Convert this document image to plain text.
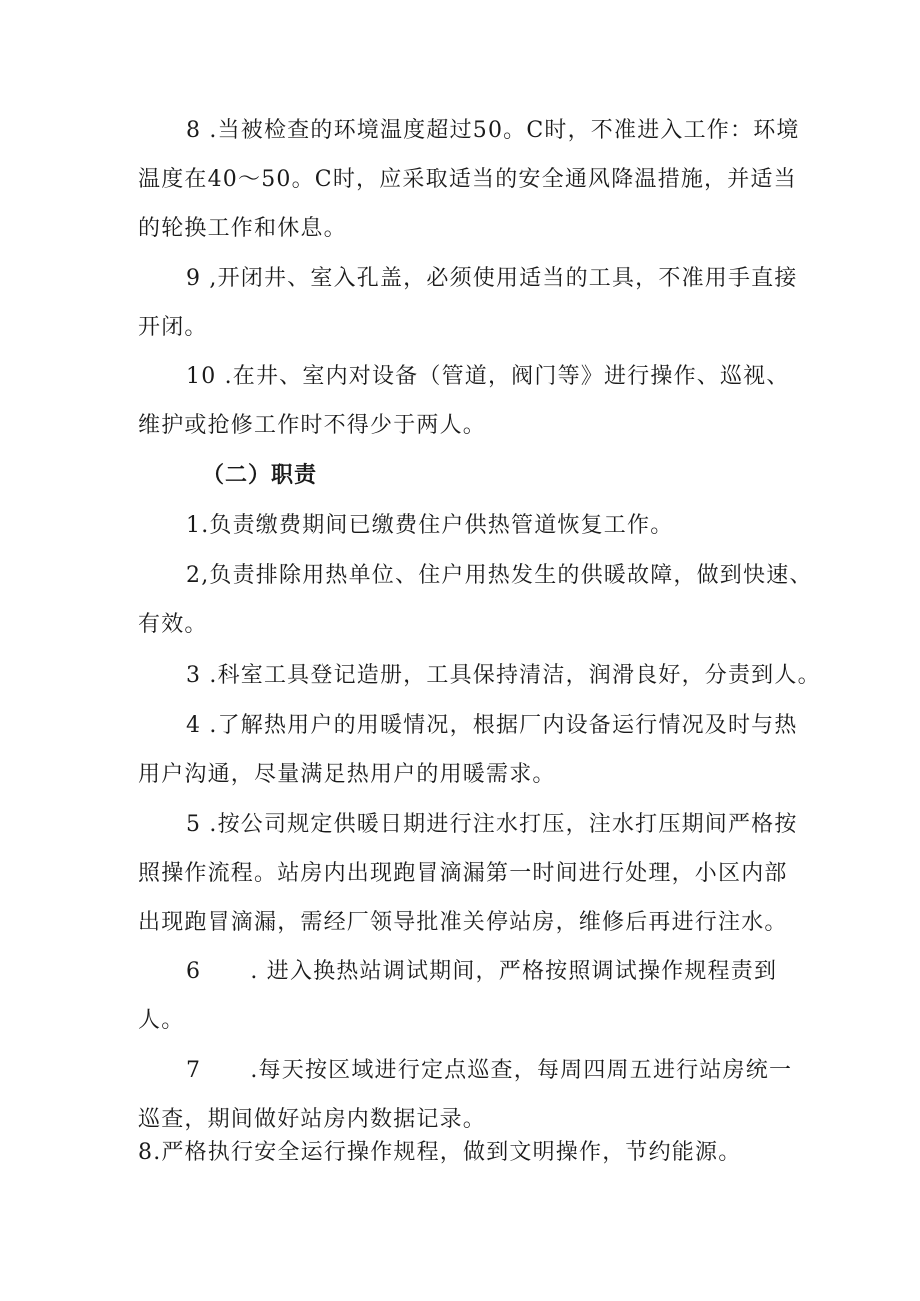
8 .当被检查的环境温度超过50。C时，不准进入工作：环境
温度在40～50。C时，应采取适当的安全通风降温措施，并适当
的轮换工作和休息。
9 ,开闭井、室入孔盖，必须使用适当的工具，不准用手直接
开闭。
10 .在井、室内对设备（管道，阀门等》进行操作、巡视、
维护或抢修工作时不得少于两人。
（二）职责
1.负责缴费期间已缴费住户供热管道恢复工作。
2,负责排除用热单位、住户用热发生的供暖故障，做到快速、
有效。
3 .科室工具登记造册，工具保持清洁，润滑良好，分责到人。
4 .了解热用户的用暖情况，根据厂内设备运行情况及时与热
用户沟通，尽量满足热用户的用暖需求。
5 .按公司规定供暖日期进行注水打压，注水打压期间严格按
照操作流程。站房内出现跑冒滴漏第一时间进行处理，小区内部
出现跑冒滴漏，需经厂领导批准关停站房，维修后再进行注水。
6      . 进入换热站调试期间，严格按照调试操作规程责到
人。
7      .每天按区域进行定点巡查，每周四周五进行站房统一
巡查，期间做好站房内数据记录。
8.严格执行安全运行操作规程，做到文明操作，节约能源。
